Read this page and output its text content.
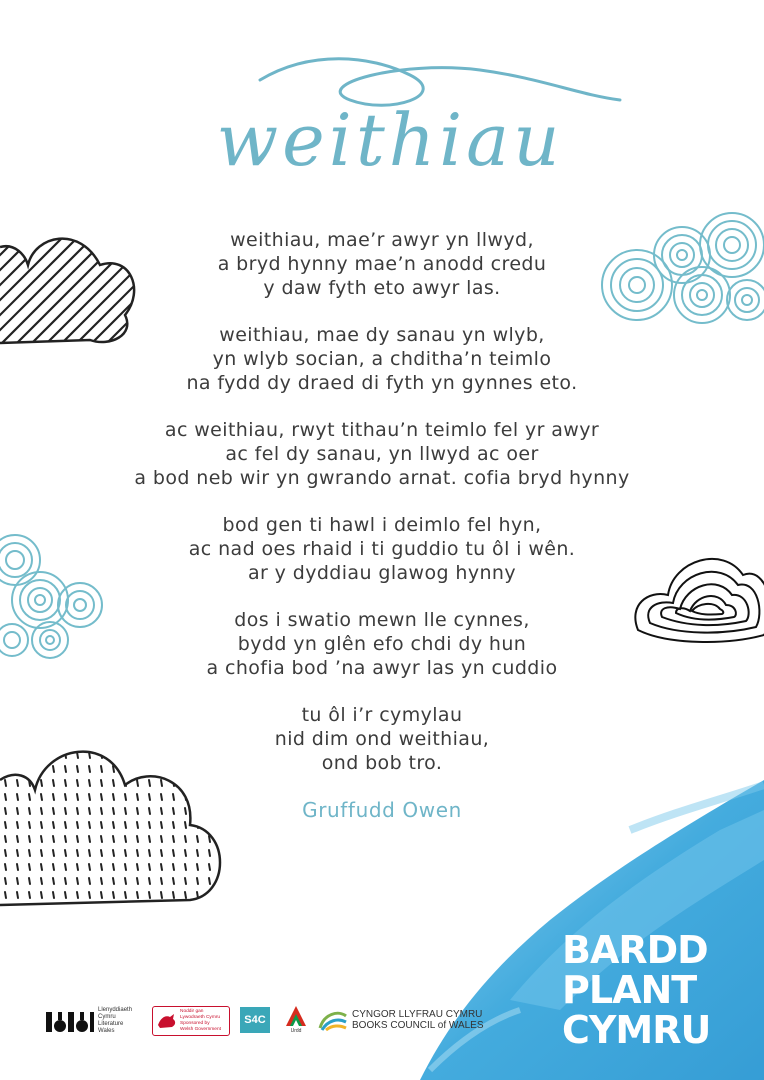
weithiau
weithiau, mae’r awyr yn llwyd,
a bryd hynny mae’n anodd credu
y daw fyth eto awyr las.
weithiau, mae dy sanau yn wlyb,
yn wlyb socian, a chditha’n teimlo
na fydd dy draed di fyth yn gynnes eto.
ac weithiau, rwyt tithau’n teimlo fel yr awyr
ac fel dy sanau, yn llwyd ac oer
a bod neb wir yn gwrando arnat. cofia bryd hynny
bod gen ti hawl i deimlo fel hyn,
ac nad oes rhaid i ti guddio tu ôl i wên.
ar y dyddiau glawog hynny
dos i swatio mewn lle cynnes,
bydd yn glên efo chdi dy hun
a chofia bod ’na awyr las yn cuddio
tu ôl i’r cymylau
nid dim ond weithiau,
ond bob tro.
Gruffudd Owen
BARDD
PLANT
CYMRU
Llenyddiaeth
Cymru
Literature
Wales
Noddir gan
Lywodraeth Cymru
Sponsored by
Welsh Government
S4C
Urdd
CYNGOR LLYFRAU CYMRU
BOOKS COUNCIL of WALES
